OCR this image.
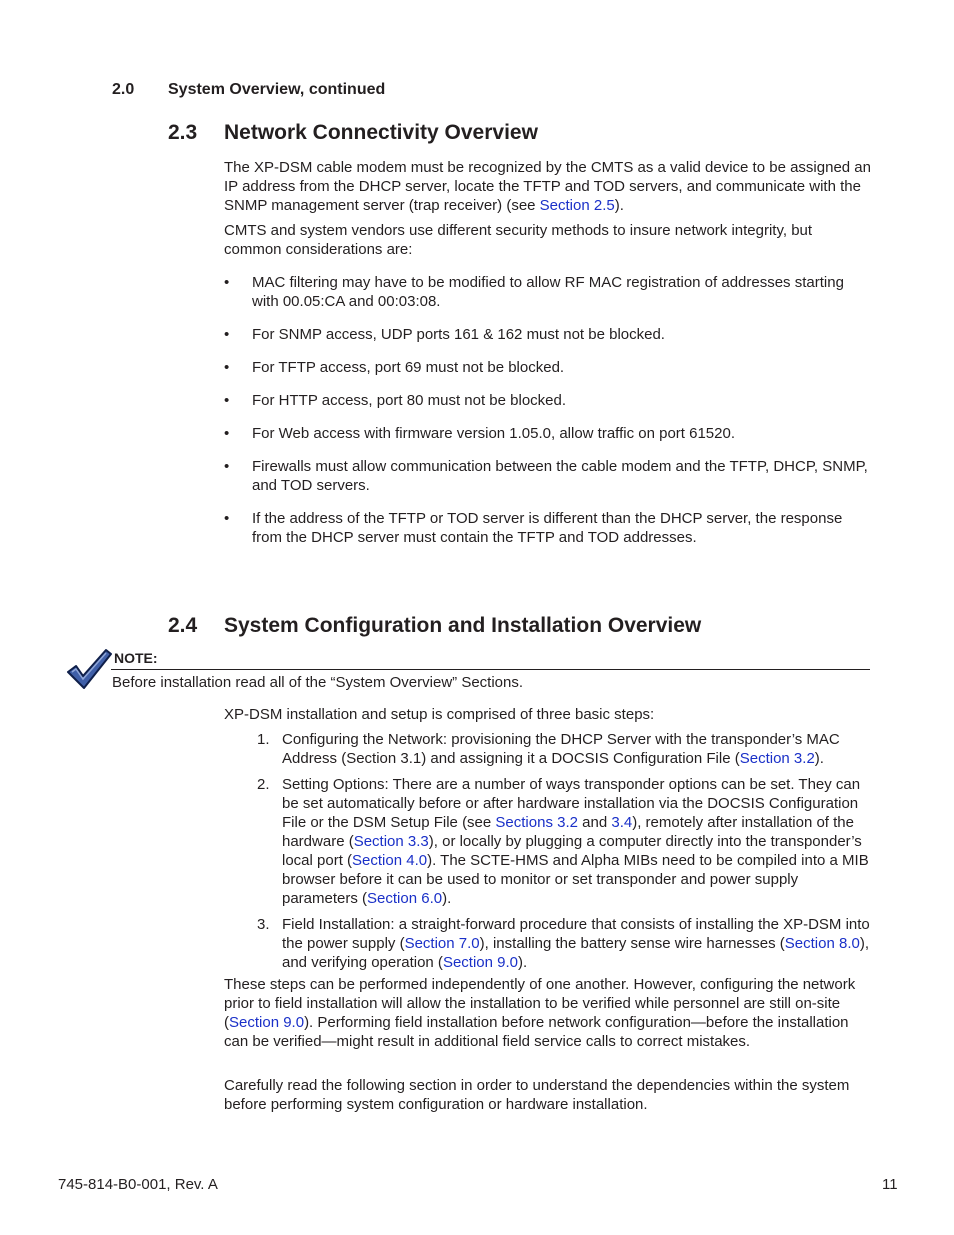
2.0 System Overview, continued
2.3 Network Connectivity Overview

The XP-DSM cable modem must be recognized by the CMTS as a valid device to be assigned an IP address from the DHCP server, locate the TFTP and TOD servers, and communicate with the SNMP management server (trap receiver) (see Section 2.5).

CMTS and system vendors use different security methods to insure network integrity, but common considerations are:

• MAC filtering may have to be modified to allow RF MAC registration of addresses starting with 00.05:CA and 00:03:08.

• For SNMP access, UDP ports 161 & 162 must not be blocked.

• For TFTP access, port 69 must not be blocked.

• For HTTP access, port 80 must not be blocked.

• For Web access with firmware version 1.05.0, allow traffic on port 61520.

• Firewalls must allow communication between the cable modem and the TFTP, DHCP, SNMP, and TOD servers.

• If the address of the TFTP or TOD server is different than the DHCP server, the response from the DHCP server must contain the TFTP and TOD addresses.

2.4 System Configuration and Installation Overview
NOTE:
Before installation read all of the “System Overview” Sections.

XP-DSM installation and setup is comprised of three basic steps:

1. Configuring the Network: provisioning the DHCP Server with the transponder’s MAC Address (Section 3.1) and assigning it a DOCSIS Configuration File (Section 3.2).

2. Setting Options: There are a number of ways transponder options can be set. They can be set automatically before or after hardware installation via the DOCSIS Configuration File or the DSM Setup File (see Sections 3.2 and 3.4), remotely after installation of the hardware (Section 3.3), or locally by plugging a computer directly into the transponder’s local port (Section 4.0). The SCTE-HMS and Alpha MIBs need to be compiled into a MIB browser before it can be used to monitor or set transponder and power supply parameters (Section 6.0).

3. Field Installation: a straight-forward procedure that consists of installing the XP-DSM into the power supply (Section 7.0), installing the battery sense wire harnesses (Section 8.0), and verifying operation (Section 9.0).

These steps can be performed independently of one another. However, configuring the network prior to field installation will allow the installation to be verified while personnel are still on-site (Section 9.0). Performing field installation before network configuration—before the installation can be verified—might result in additional field service calls to correct mistakes.

Carefully read the following section in order to understand the dependencies within the system before performing system configuration or hardware installation.

745-814-B0-001, Rev. A	11
